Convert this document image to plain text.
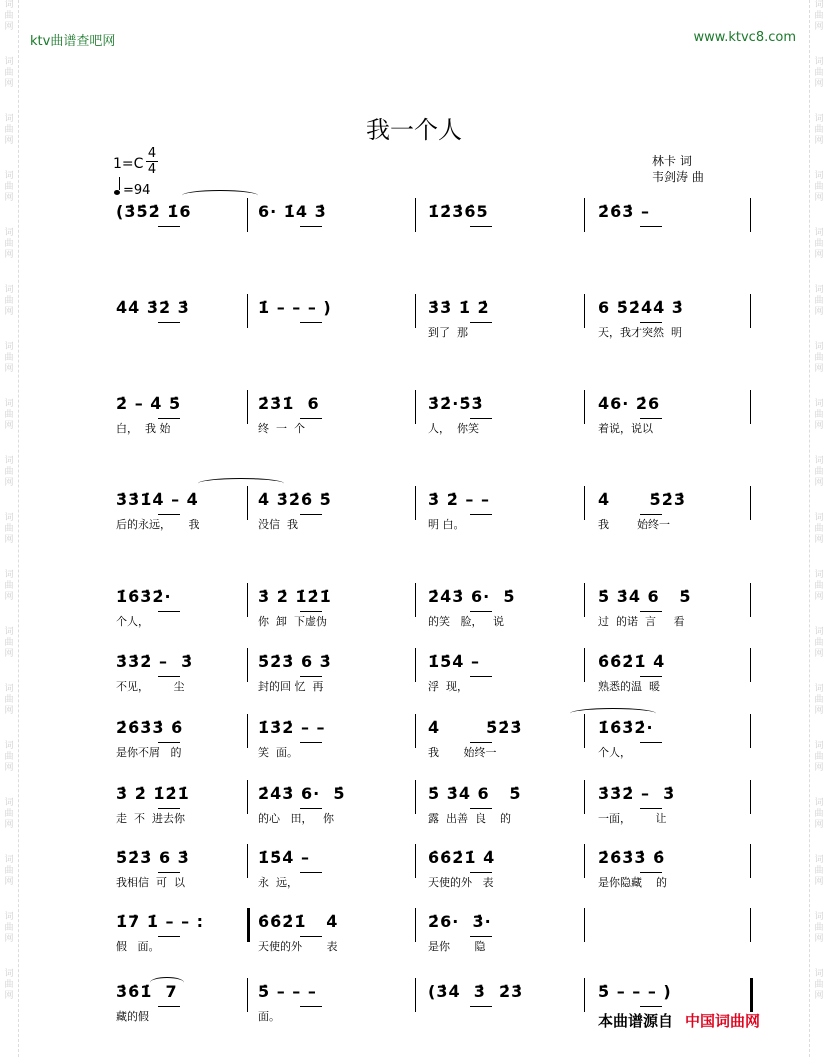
词
曲
网
词
曲
网
词
曲
网
词
曲
网
词
曲
网
词
曲
网
词
曲
网
词
曲
网
词
曲
网
词
曲
网
词
曲
网
词
曲
网
词
曲
网
词
曲
网
词
曲
网
词
曲
网
词
曲
网
词
曲
网
词
曲
网
词
曲
网
词
曲
网
词
曲
网
词
曲
网
词
曲
网
词
曲
网
词
曲
网
词
曲
网
词
曲
网
词
曲
网
词
曲
网
词
曲
网
词
曲
网
词
曲
网
词
曲
网
词
曲
网
词
曲
网
ktv曲谱查吧网	www.ktvc8.com
我一个人
1=C
4
4
=94
林卡 词
韦剑涛 曲
(3̇5̇2̇ 1̇6	6· 1̇4 3̇	1̇2̇3̇6̇5	2̇6̇3̇ –
4̇4̇ 3̇2̇ 3̇	1̇ – – – )	3̇3̇ 1̇ 2̇	6 5̇2̇4̇4̇ 3̇
到了  那	天，我才突然  明
2̇ – 4̇ 5̇	2̇3̇1̇  6	3̇2̇·5̇3̇	4̇6· 2̇6
白，  我 始	终  一  个	人，  你笑	着说，说以
3̇3̇1̇4̇ – 4̇	4̇ 3̇2̇6̇ 5̇	3̇ 2̇ – –	4̇      5̇2̇3̇
后的永远，     我	没信  我	明 白。	我        始终一
1̇6̇3̇2̇·	3̇ 2̇ 1̇2̇1̇	2̇4̇3̇ 6·  5̇	5̇ 3̇4̇ 6   5̇
个人，	你  卸  下虚伪	的笑   脸，   说	过  的诺  言     看
3̇3̇2̇ –  3̇	5̇2̇3̇ 6 3̇	1̇5̇4̇ –	6̇6̇2̇1̇ 4̇
不见，       尘	封的回 忆  再	浮  现，	熟悉的温  暖
2̇6̇3̇3̇ 6̇	1̇3̇2̇ – –	4̇       5̇2̇3̇	1̇6̇3̇2̇·
是你不屑   的	笑  面。	我       始终一	个人，
3̇ 2̇ 1̇2̇1̇	2̇4̇3̇ 6·  5̇	5̇ 3̇4̇ 6   5̇	3̇3̇2̇ –  3̇
走  不  进去你	的心   田，   你	露  出善  良    的	一面，       让
5̇2̇3̇ 6 3̇	1̇5̇4̇ –	6̇6̇2̇1̇ 4̇	2̇6̇3̇3̇ 6̇
我相信  可  以	永  远，	天使的外   表	是你隐藏    的
1̇7̇ 1̇ – – :	6̇6̇2̇1̇   4̇	2̇6·  3̇·
假   面。	天使的外       表	是你       隐
3̇6̇1̇  7	5̇ – – –	(3̇4̇  3̇  2̇3̇	5̇ – – – )
藏的假	面。	本曲谱源自 中国词曲网
